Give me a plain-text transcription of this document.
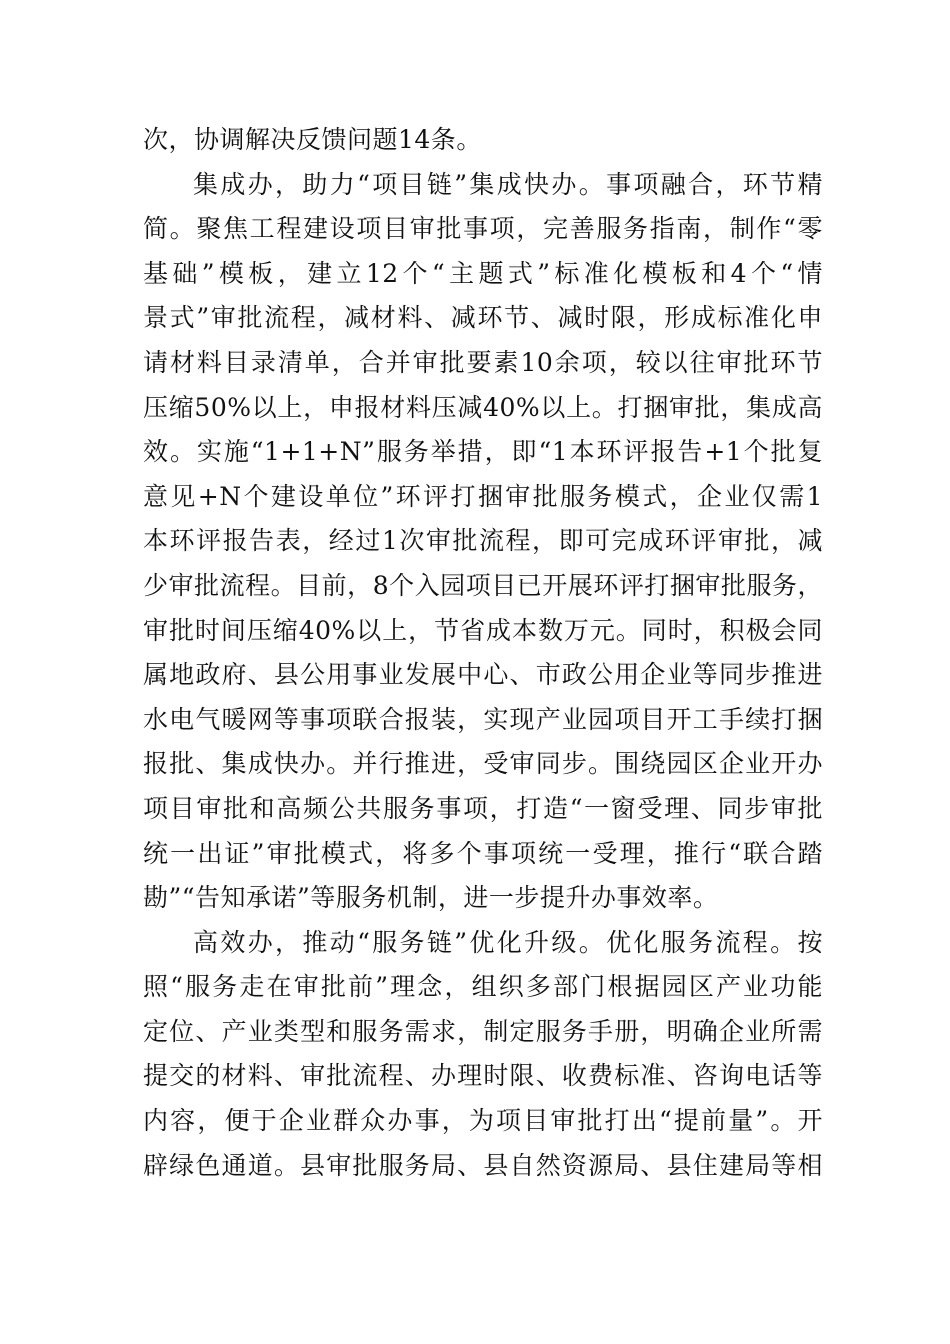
次，协调解决反馈问题14条。
集成办，助力“项目链”集成快办。事项融合，环节精
简。聚焦工程建设项目审批事项，完善服务指南，制作“零
基础”模板，建立12个“主题式”标准化模板和4个“情
景式”审批流程，减材料、减环节、减时限，形成标准化申
请材料目录清单，合并审批要素10余项，较以往审批环节
压缩50%以上，申报材料压减40%以上。打捆审批，集成高
效。实施“1+1+N”服务举措，即“1本环评报告+1个批复
意见+N个建设单位”环评打捆审批服务模式，企业仅需1
本环评报告表，经过1次审批流程，即可完成环评审批，减
少审批流程。目前，8个入园项目已开展环评打捆审批服务，
审批时间压缩40%以上，节省成本数万元。同时，积极会同
属地政府、县公用事业发展中心、市政公用企业等同步推进
水电气暖网等事项联合报装，实现产业园项目开工手续打捆
报批、集成快办。并行推进，受审同步。围绕园区企业开办
项目审批和高频公共服务事项，打造“一窗受理、同步审批
统一出证”审批模式，将多个事项统一受理，推行“联合踏
勘”“告知承诺”等服务机制，进一步提升办事效率。
高效办，推动“服务链”优化升级。优化服务流程。按
照“服务走在审批前”理念，组织多部门根据园区产业功能
定位、产业类型和服务需求，制定服务手册，明确企业所需
提交的材料、审批流程、办理时限、收费标准、咨询电话等
内容，便于企业群众办事，为项目审批打出“提前量”。开
辟绿色通道。县审批服务局、县自然资源局、县住建局等相
